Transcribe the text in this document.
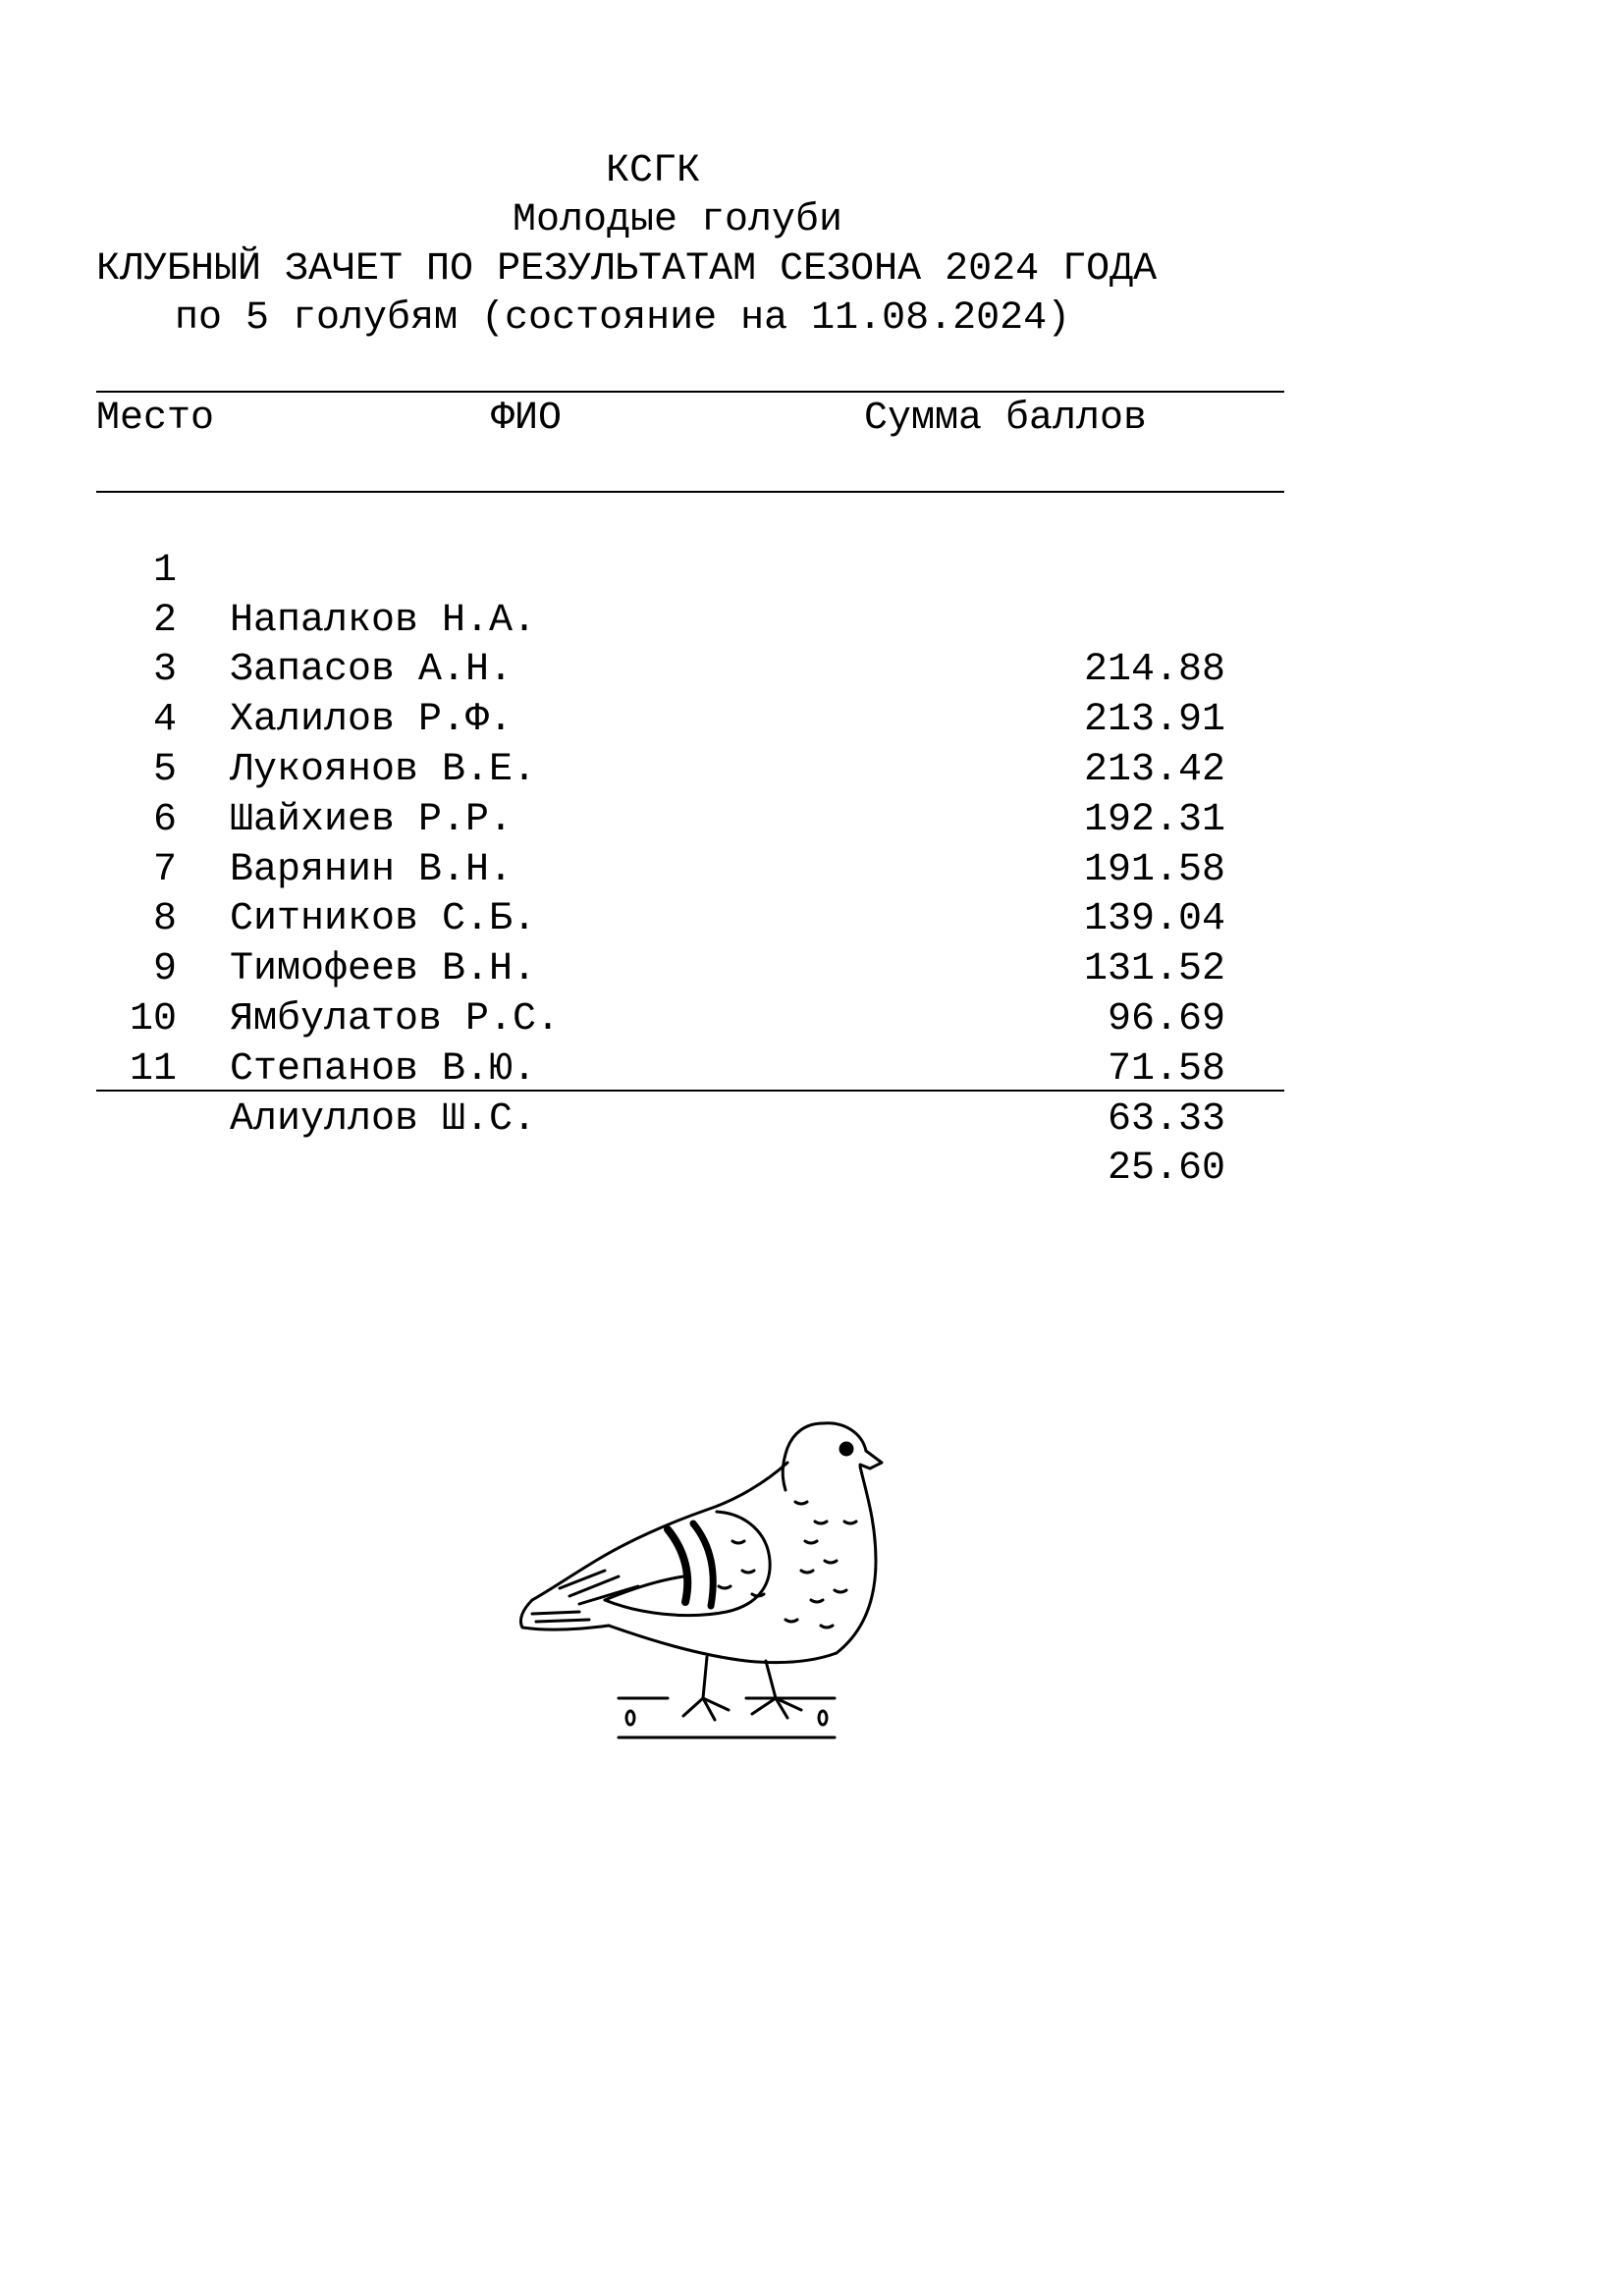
КСГК
Молодые голуби
КЛУБНЫЙ ЗАЧЕТ ПО РЕЗУЛЬТАТАМ СЕЗОНА 2024 ГОДА
по 5 голубям (состояние на 11.08.2024)
Место	ФИО	Сумма баллов

1

Напалков Н.А.

214.88

2

Запасов А.Н.

213.91

3

Халилов Р.Ф.

213.42

4

Лукоянов В.Е.

192.31

5

Шайхиев Р.Р.

191.58

6

Варянин В.Н.

139.04

7

Ситников С.Б.

131.52

8

Тимофеев В.Н.

96.69

9

Ямбулатов Р.С.

71.58

10

Степанов В.Ю.

63.33

11

Алиуллов Ш.С.

25.60
